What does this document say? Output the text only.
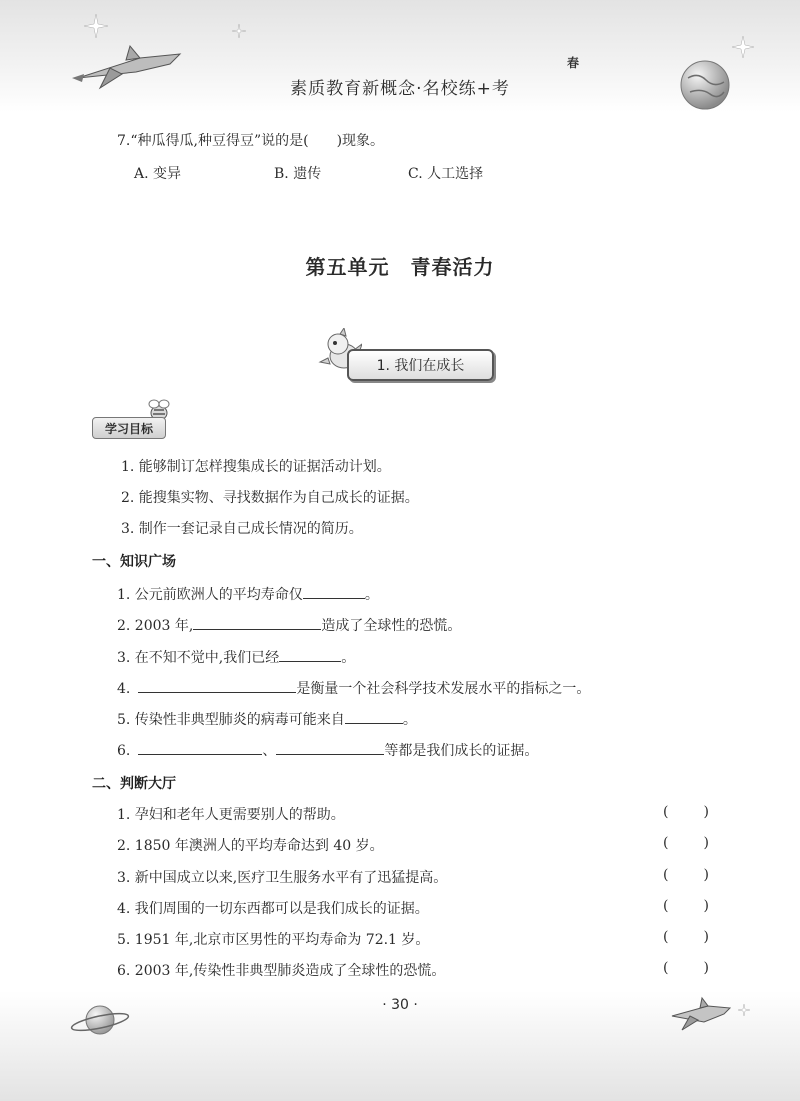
素质教育新概念·名校练+考
春
7.“种瓜得瓜,种豆得豆”说的是( )现象。
A. 变异	B. 遗传	C. 人工选择
第五单元　青春活力
1. 我们在成长
学习目标
1. 能够制订怎样搜集成长的证据活动计划。
2. 能搜集实物、寻找数据作为自己成长的证据。
3. 制作一套记录自己成长情况的简历。
一、知识广场
1. 公元前欧洲人的平均寿命仅	。
2. 2003 年,	造成了全球性的恐慌。
3. 在不知不觉中,我们已经	。
4.	是衡量一个社会科学技术发展水平的指标之一。
5. 传染性非典型肺炎的病毒可能来自	。
6.	、	等都是我们成长的证据。
二、判断大厅
1. 孕妇和老年人更需要别人的帮助。	(	)
2. 1850 年澳洲人的平均寿命达到 40 岁。	(	)
3. 新中国成立以来,医疗卫生服务水平有了迅猛提高。	(	)
4. 我们周围的一切东西都可以是我们成长的证据。	(	)
5. 1951 年,北京市区男性的平均寿命为 72.1 岁。	(	)
6. 2003 年,传染性非典型肺炎造成了全球性的恐慌。	(	)
· 30 ·
